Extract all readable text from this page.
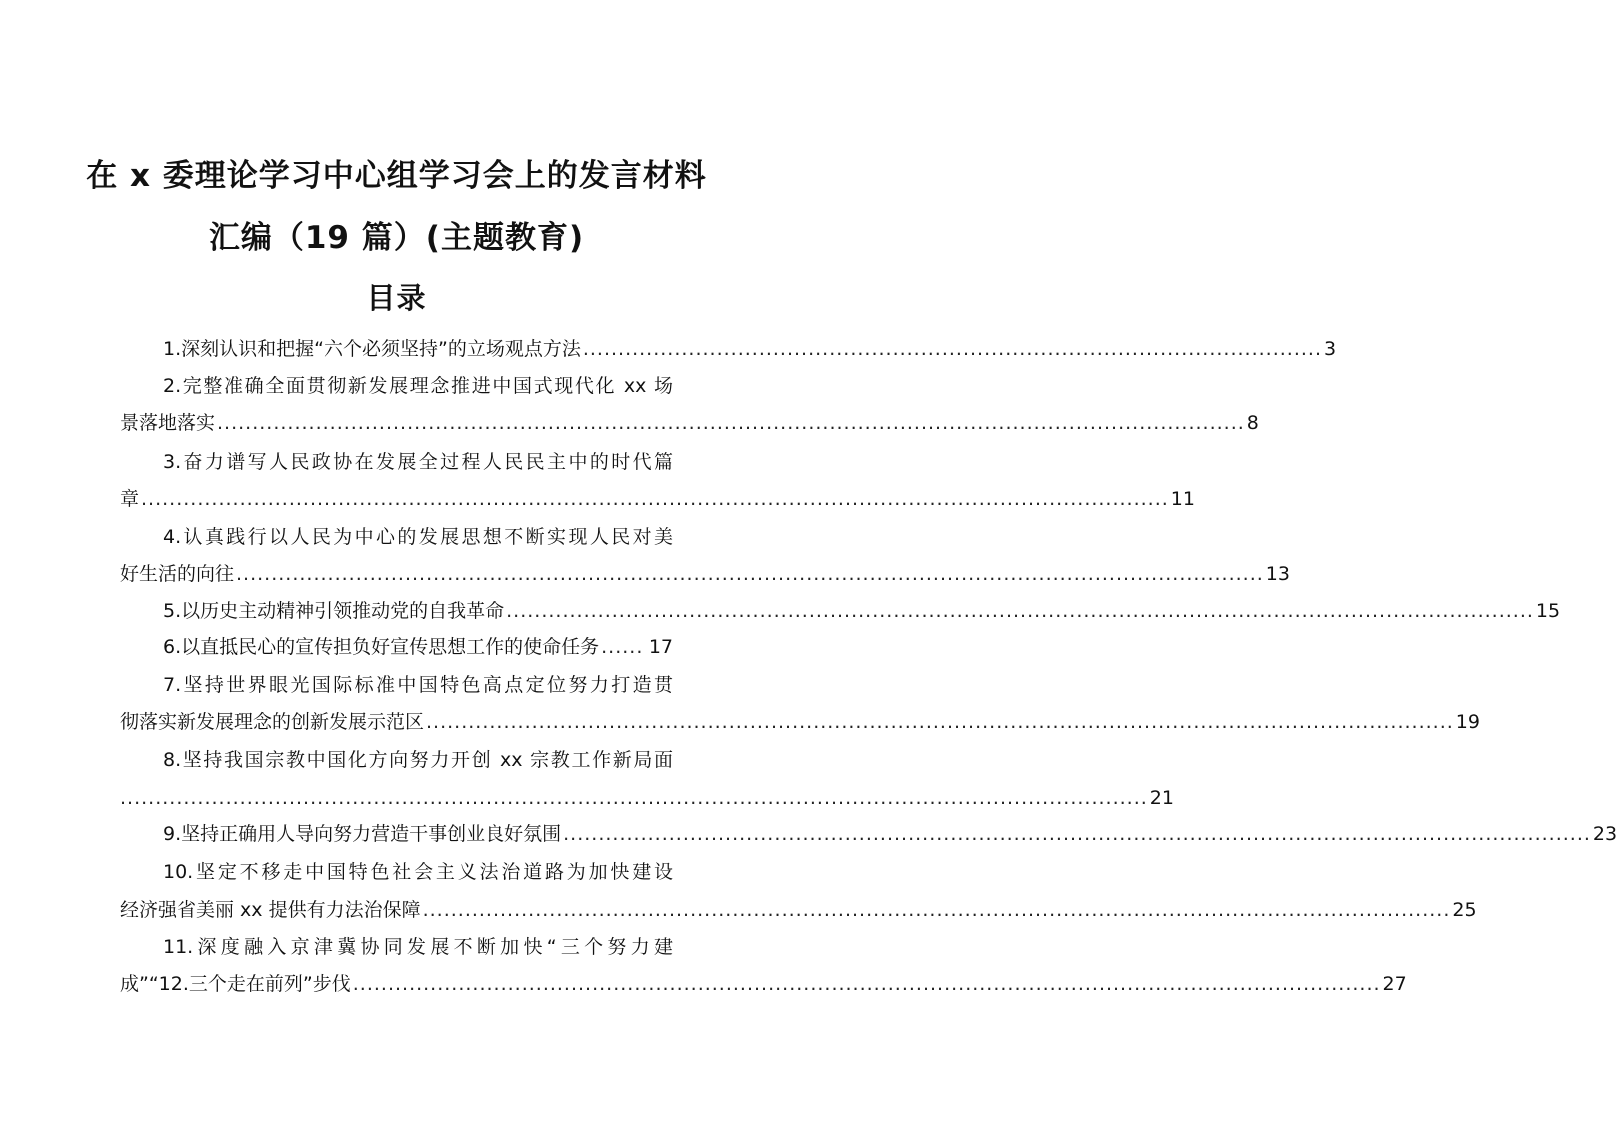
在 x 委理论学习中心组学习会上的发言材料
汇编（19 篇）(主题教育)
目录
1.深刻认识和把握“六个必须坚持”的立场观点方法 ......................................................................................................... 3
2.完整准确全面贯彻新发展理念推进中国式现代化 xx 场
景落地落实 .................................................................................................................................................. 8
3.奋力谱写人民政协在发展全过程人民民主中的时代篇
章 .................................................................................................................................................. 11
4.认真践行以人民为中心的发展思想不断实现人民对美
好生活的向往 .................................................................................................................................................. 13
5.以历史主动精神引领推动党的自我革命 .................................................................................................................................................. 15
6.以直抵民心的宣传担负好宣传思想工作的使命任务 ...... 17
7.坚持世界眼光国际标准中国特色高点定位努力打造贯
彻落实新发展理念的创新发展示范区 .................................................................................................................................................. 19
8.坚持我国宗教中国化方向努力开创 xx 宗教工作新局面
.................................................................................................................................................. 21
9.坚持正确用人导向努力营造干事创业良好氛围 .................................................................................................................................................. 23
10.坚定不移走中国特色社会主义法治道路为加快建设
经济强省美丽 xx 提供有力法治保障 .................................................................................................................................................. 25
11.深度融入京津冀协同发展不断加快“三个努力建
成”“12.三个走在前列”步伐 .................................................................................................................................................. 27
